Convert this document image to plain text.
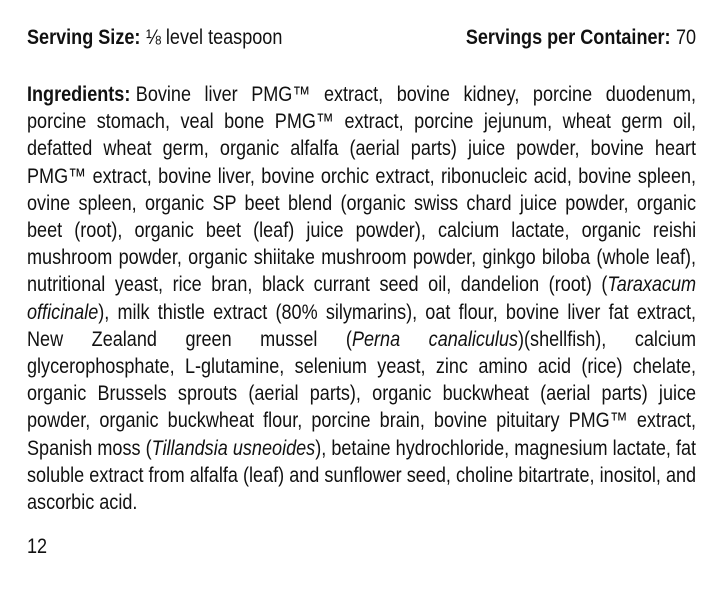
Serving Size: ⅛ level teaspoon	Servings per Container: 70

Ingredients: Bovine liver PMG™ extract, bovine kidney, porcine duodenum, porcine stomach, veal bone PMG™ extract, porcine jejunum, wheat germ oil, defatted wheat germ, organic alfalfa (aerial parts) juice powder, bovine heart PMG™ extract, bovine liver, bovine orchic extract, ribonucleic acid, bovine spleen, ovine spleen, organic SP beet blend (organic swiss chard juice powder, organic beet (root), organic beet (leaf) juice powder), calcium lactate, organic reishi mushroom powder, organic shiitake mushroom powder, ginkgo biloba (whole leaf), nutritional yeast, rice bran, black currant seed oil, dandelion (root) (Taraxacum officinale), milk thistle extract (80% silymarins), oat flour, bovine liver fat extract, New Zealand green mussel (Perna canaliculus)(shellfish), calcium glycerophosphate, L-glutamine, selenium yeast, zinc amino acid (rice) chelate, organic Brussels sprouts (aerial parts), organic buckwheat (aerial parts) juice powder, organic buckwheat flour, porcine brain, bovine pituitary PMG™ extract, Spanish moss (Tillandsia usneoides), betaine hydrochloride, magnesium lactate, fat soluble extract from alfalfa (leaf) and sunflower seed, choline bitartrate, inositol, and ascorbic acid.

12
